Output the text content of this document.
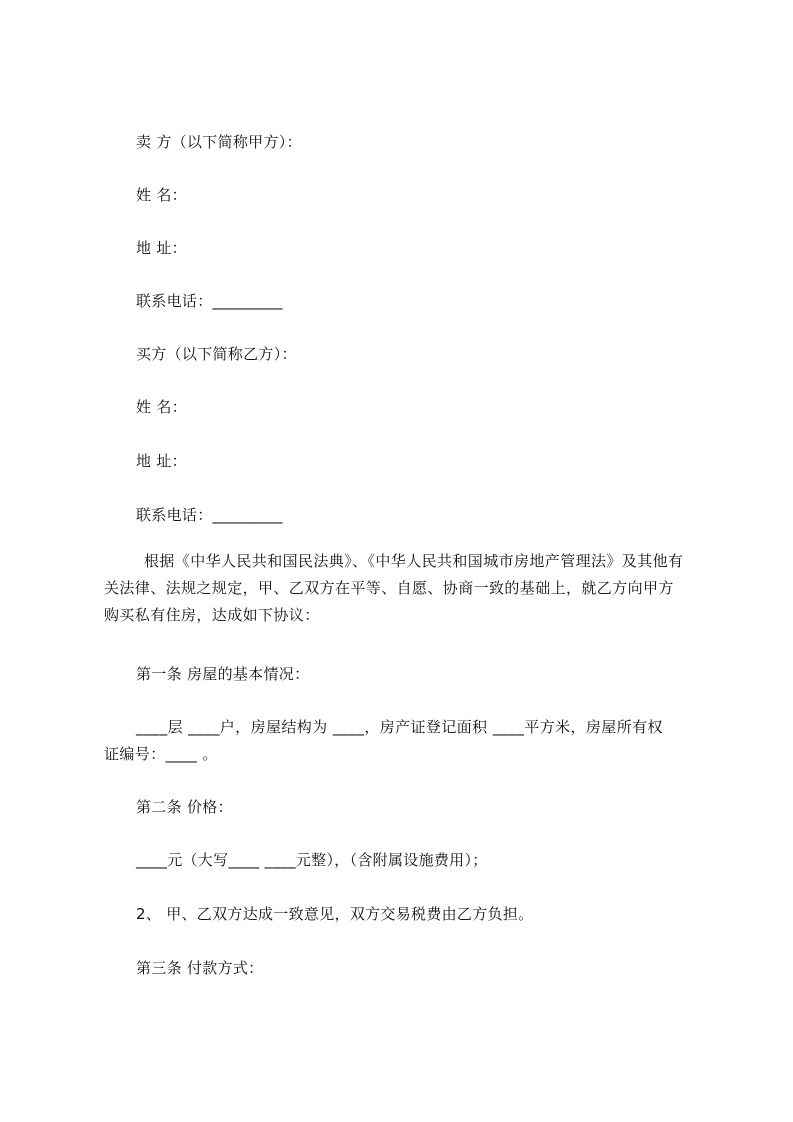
卖 方（以下简称甲方）：
姓 名：
地 址：
联系电话：_________
买方（以下简称乙方）：
姓 名：
地 址：
联系电话：_________
根据《中华人民共和国民法典》、《中华人民共和国城市房地产管理法》及其他有
关法律、法规之规定，甲、乙双方在平等、自愿、协商一致的基础上，就乙方向甲方
购买私有住房，达成如下协议：
第一条 房屋的基本情况：
____层 ____户，房屋结构为 ____，房产证登记面积 ____平方米，房屋所有权
证编号：____ 。
第二条 价格：
____元（大写____ ____元整），（含附属设施费用）；
2、 甲、乙双方达成一致意见，双方交易税费由乙方负担。
第三条 付款方式：
